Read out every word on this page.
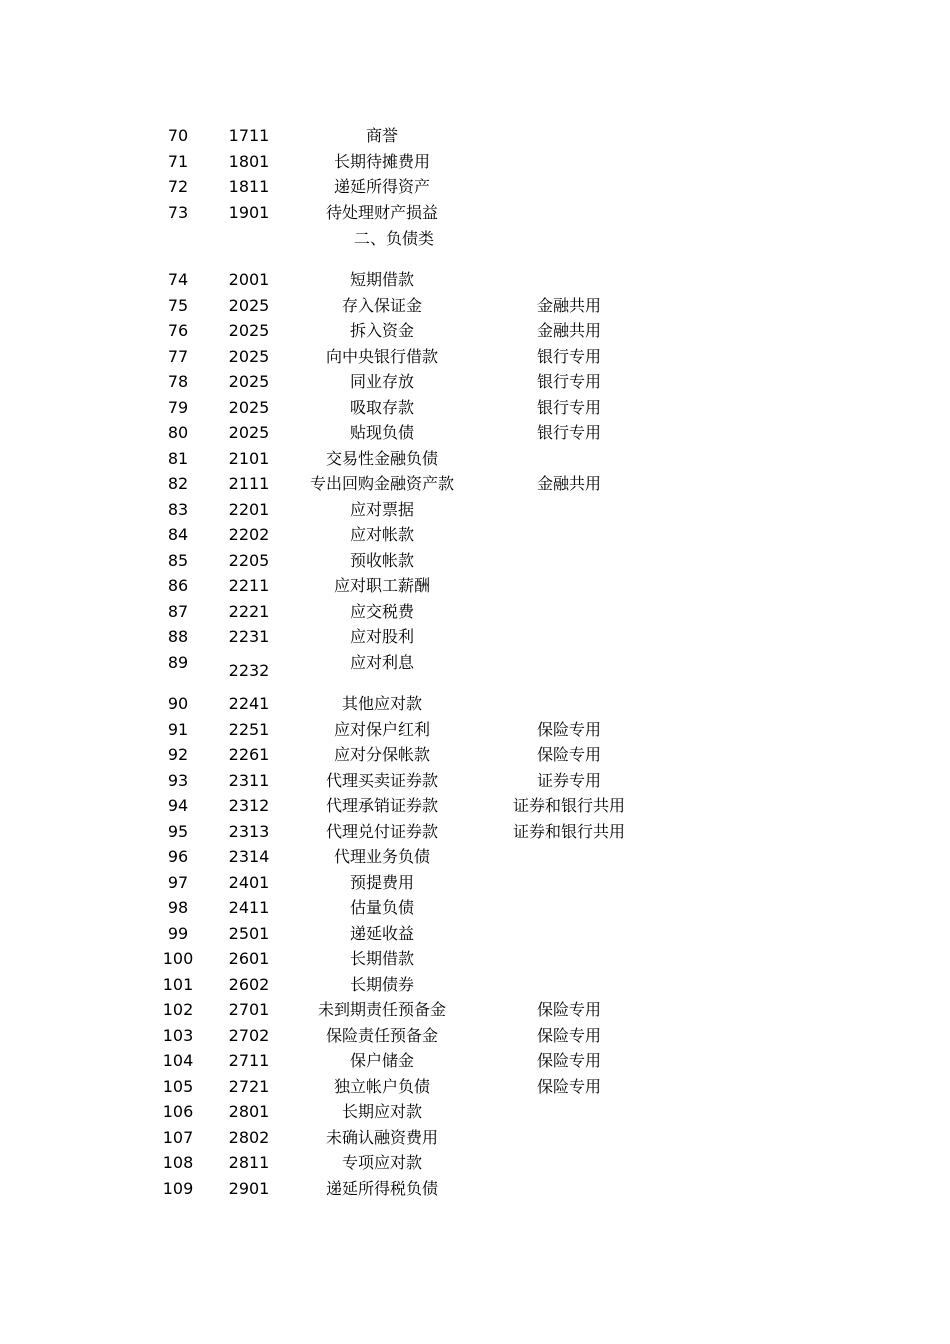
70	1711	商誉
71	1801	长期待摊费用
72	1811	递延所得资产
73	1901	待处理财产损益
二、负债类
74	2001	短期借款
75	2025	存入保证金	金融共用
76	2025	拆入资金	金融共用
77	2025	向中央银行借款	银行专用
78	2025	同业存放	银行专用
79	2025	吸取存款	银行专用
80	2025	贴现负债	银行专用
81	2101	交易性金融负债
82	2111	专出回购金融资产款	金融共用
83	2201	应对票据
84	2202	应对帐款
85	2205	预收帐款
86	2211	应对职工薪酬
87	2221	应交税费
88	2231	应对股利
89	2232	应对利息
90	2241	其他应对款
91	2251	应对保户红利	保险专用
92	2261	应对分保帐款	保险专用
93	2311	代理买卖证券款	证券专用
94	2312	代理承销证券款	证券和银行共用
95	2313	代理兑付证券款	证券和银行共用
96	2314	代理业务负债
97	2401	预提费用
98	2411	估量负债
99	2501	递延收益
100	2601	长期借款
101	2602	长期债券
102	2701	未到期责任预备金	保险专用
103	2702	保险责任预备金	保险专用
104	2711	保户储金	保险专用
105	2721	独立帐户负债	保险专用
106	2801	长期应对款
107	2802	未确认融资费用
108	2811	专项应对款
109	2901	递延所得税负债
